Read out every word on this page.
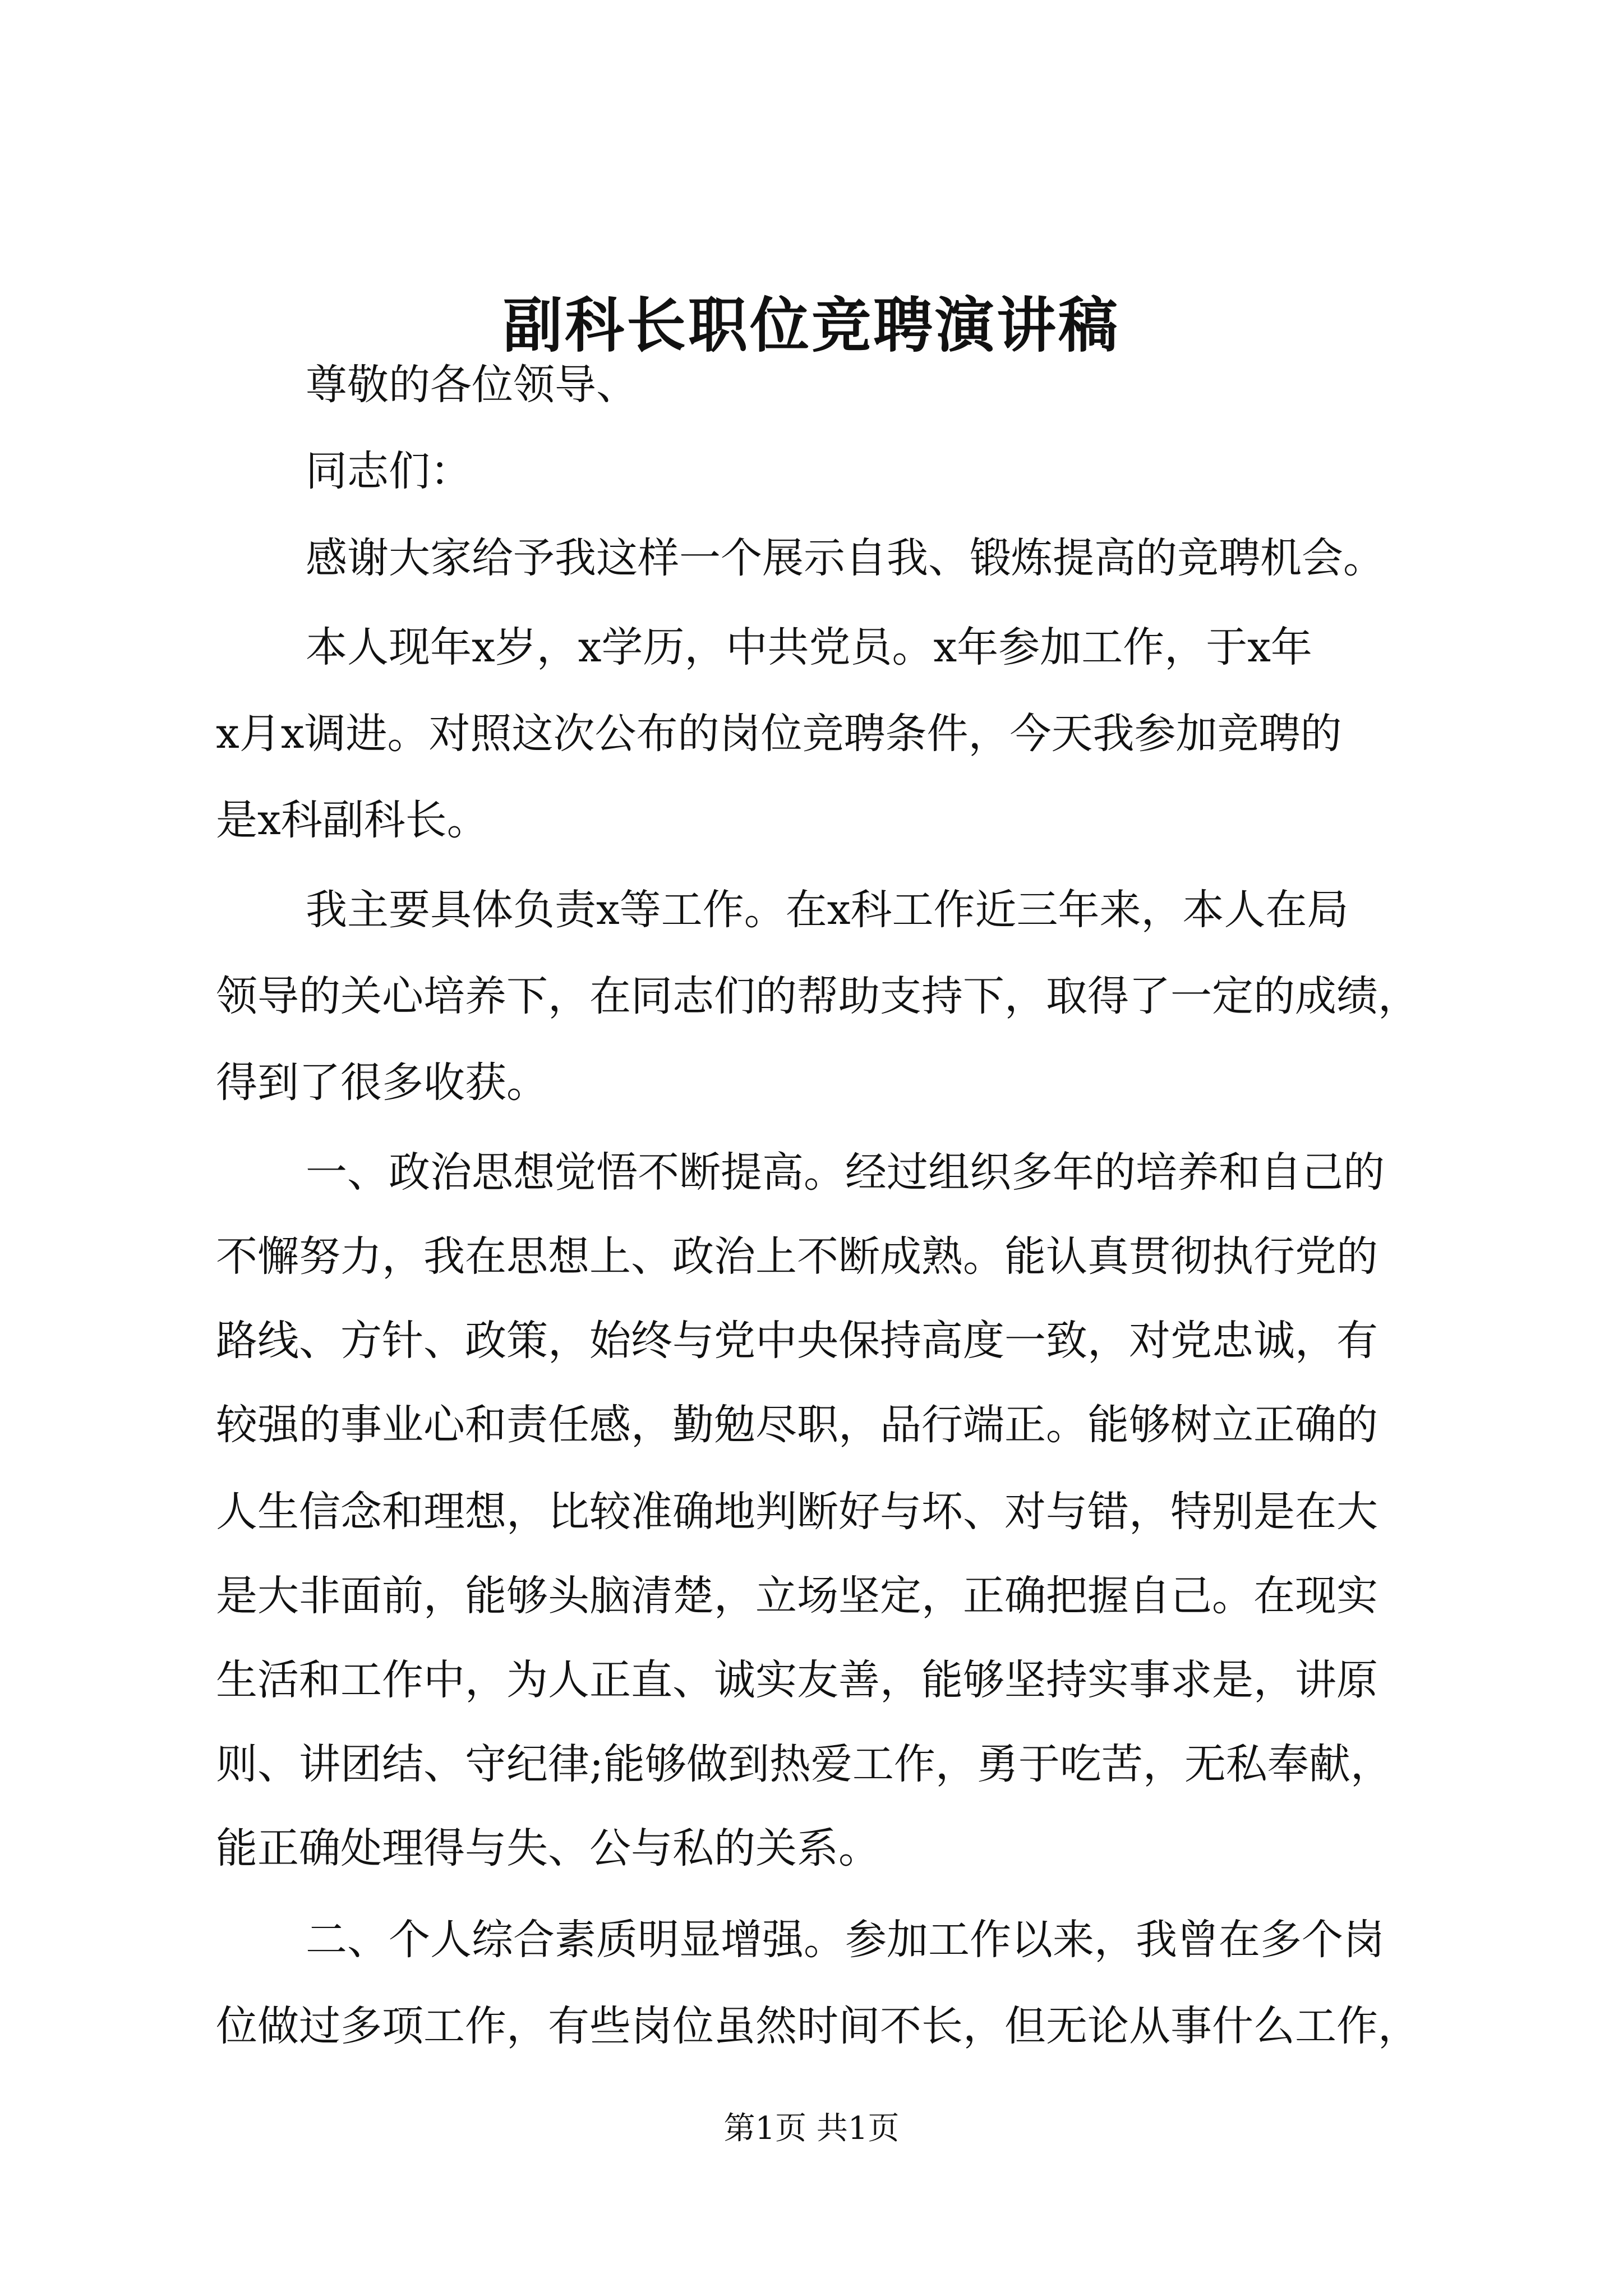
副科长职位竞聘演讲稿
尊敬的各位领导、
同志们：
感谢大家给予我这样一个展示自我、锻炼提高的竞聘机会。
本人现年x岁，x学历，中共党员。x年参加工作，于x年
x月x调进。对照这次公布的岗位竞聘条件，今天我参加竞聘的
是x科副科长。
我主要具体负责x等工作。在x科工作近三年来，本人在局
领导的关心培养下，在同志们的帮助支持下，取得了一定的成绩，
得到了很多收获。
一、政治思想觉悟不断提高。经过组织多年的培养和自己的
不懈努力，我在思想上、政治上不断成熟。能认真贯彻执行党的
路线、方针、政策，始终与党中央保持高度一致，对党忠诚，有
较强的事业心和责任感，勤勉尽职，品行端正。能够树立正确的
人生信念和理想，比较准确地判断好与坏、对与错，特别是在大
是大非面前，能够头脑清楚，立场坚定，正确把握自己。在现实
生活和工作中，为人正直、诚实友善，能够坚持实事求是，讲原
则、讲团结、守纪律;能够做到热爱工作，勇于吃苦，无私奉献，
能正确处理得与失、公与私的关系。
二、个人综合素质明显增强。参加工作以来，我曾在多个岗
位做过多项工作，有些岗位虽然时间不长，但无论从事什么工作，
第1页 共1页
